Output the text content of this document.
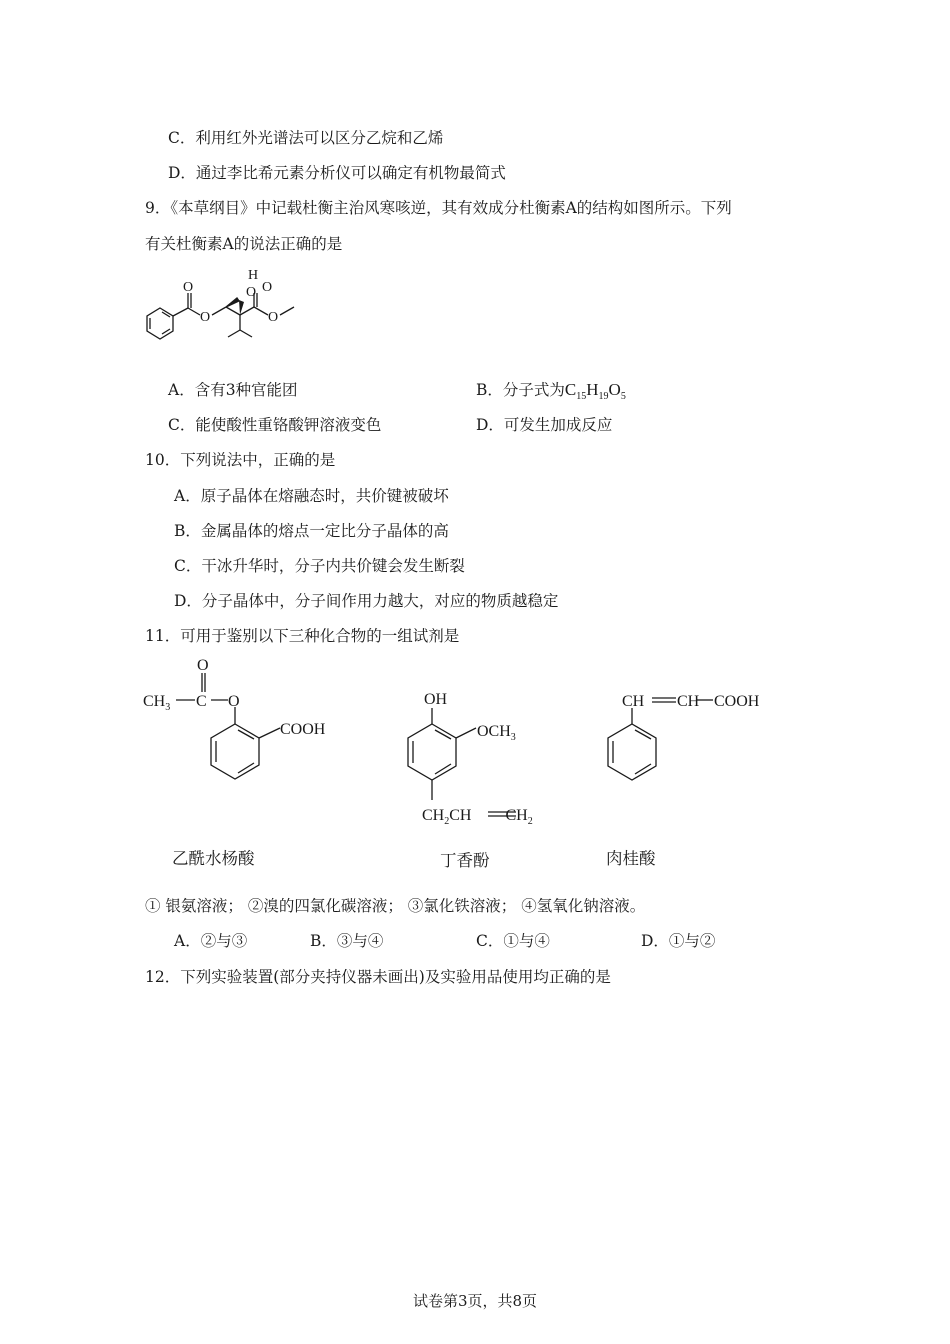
C．利用红外光谱法可以区分乙烷和乙烯
D．通过李比希元素分析仪可以确定有机物最简式
9．《本草纲目》中记载杜衡主治风寒咳逆，其有效成分杜衡素A的结构如图所示。下列
有关杜衡素A的说法正确的是
O
O
H
O O
O
A．含有3种官能团	B．分子式为$C_{15}H_{19}O_5$
C．能使酸性重铬酸钾溶液变色	D．可发生加成反应
10．下列说法中，正确的是
A．原子晶体在熔融态时，共价键被破坏
B．金属晶体的熔点一定比分子晶体的高
C．干冰升华时，分子内共价键会发生断裂
D．分子晶体中，分子间作用力越大，对应的物质越稳定
11．可用于鉴别以下三种化合物的一组试剂是
O
$CH_3$ C O
COOH
乙酰水杨酸
OH
$OCH_3$
$CH_2CH$ $CH_2$
丁香酚
CH CH COOH
肉桂酸
① 银氨溶液； ②溴的四氯化碳溶液； ③氯化铁溶液； ④氢氧化钠溶液。
A．②与③	B．③与④	C．①与④	D．①与②
12．下列实验装置(部分夹持仪器未画出)及实验用品使用均正确的是
试卷第3页，共8页
